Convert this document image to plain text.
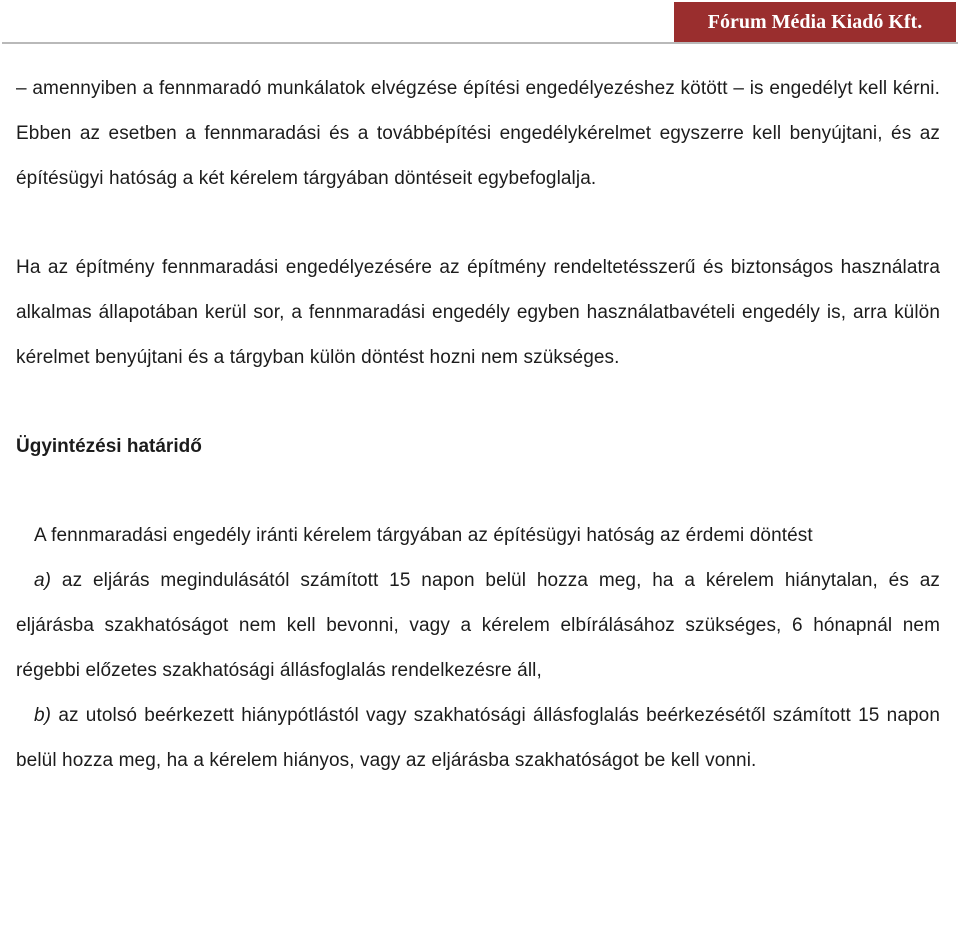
Fórum Média Kiadó Kft.

– amennyiben a fennmaradó munkálatok elvégzése építési engedélyezéshez kötött – is engedélyt kell kérni. Ebben az esetben a fennmaradási és a továbbépítési engedélykérelmet egyszerre kell benyújtani, és az építésügyi hatóság a két kérelem tárgyában döntéseit egybefoglalja.

Ha az építmény fennmaradási engedélyezésére az építmény rendeltetésszerű és biztonságos használatra alkalmas állapotában kerül sor, a fennmaradási engedély egyben használatbavételi engedély is, arra külön kérelmet benyújtani és a tárgyban külön döntést hozni nem szükséges.

Ügyintézési határidő

A fennmaradási engedély iránti kérelem tárgyában az építésügyi hatóság az érdemi döntést

a) az eljárás megindulásától számított 15 napon belül hozza meg, ha a kérelem hiánytalan, és az eljárásba szakhatóságot nem kell bevonni, vagy a kérelem elbírálásához szükséges, 6 hónapnál nem régebbi előzetes szakhatósági állásfoglalás rendelkezésre áll,

b) az utolsó beérkezett hiánypótlástól vagy szakhatósági állásfoglalás beérkezésétől számított 15 napon belül hozza meg, ha a kérelem hiányos, vagy az eljárásba szakhatóságot be kell vonni.
